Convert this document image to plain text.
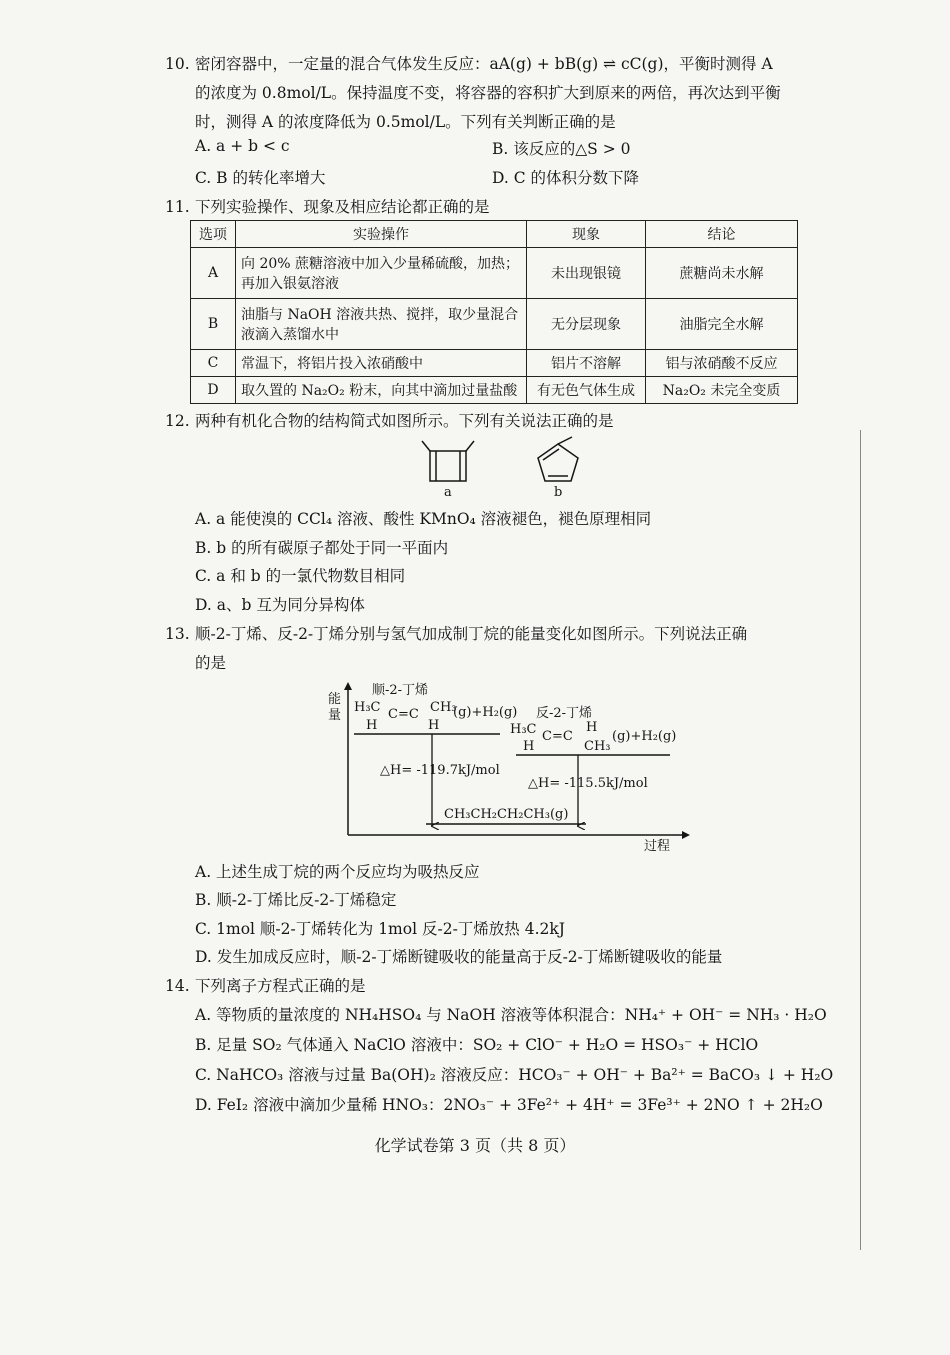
10. 密闭容器中，一定量的混合气体发生反应：aA(g) + bB(g) ⇌ cC(g)，平衡时测得 A
的浓度为 0.8mol/L。保持温度不变，将容器的容积扩大到原来的两倍，再次达到平衡
时，测得 A 的浓度降低为 0.5mol/L。下列有关判断正确的是
A. a + b < c	B. 该反应的△S > 0
C. B 的转化率增大	D. C 的体积分数下降
11. 下列实验操作、现象及相应结论都正确的是
选项	实验操作	现象	结论
A	向 20% 蔗糖溶液中加入少量稀硫酸，加热；再加入银氨溶液	未出现银镜	蔗糖尚未水解
B	油脂与 NaOH 溶液共热、搅拌，取少量混合液滴入蒸馏水中	无分层现象	油脂完全水解
C	常温下，将铝片投入浓硝酸中	铝片不溶解	铝与浓硝酸不反应
D	取久置的 Na₂O₂ 粉末，向其中滴加过量盐酸	有无色气体生成	Na₂O₂ 未完全变质
12. 两种有机化合物的结构简式如图所示。下列有关说法正确的是
a	b
A. a 能使溴的 CCl₄ 溶液、酸性 KMnO₄ 溶液褪色，褪色原理相同
B. b 的所有碳原子都处于同一平面内
C. a 和 b 的一氯代物数目相同
D. a、b 互为同分异构体
13. 顺-2-丁烯、反-2-丁烯分别与氢气加成制丁烷的能量变化如图所示。下列说法正确
的是
能
量
过程
顺-2-丁烯
H₃C
H
C=C CH₃
H
(g)+H₂(g)
△H= -119.7kJ/mol
反-2-丁烯
H₃C
H
C=C
H
CH₃
(g)+H₂(g)
△H= -115.5kJ/mol
CH₃CH₂CH₂CH₃(g)
A. 上述生成丁烷的两个反应均为吸热反应
B. 顺-2-丁烯比反-2-丁烯稳定
C. 1mol 顺-2-丁烯转化为 1mol 反-2-丁烯放热 4.2kJ
D. 发生加成反应时，顺-2-丁烯断键吸收的能量高于反-2-丁烯断键吸收的能量
14. 下列离子方程式正确的是
A. 等物质的量浓度的 NH₄HSO₄ 与 NaOH 溶液等体积混合：NH₄⁺ + OH⁻ = NH₃ · H₂O
B. 足量 SO₂ 气体通入 NaClO 溶液中：SO₂ + ClO⁻ + H₂O = HSO₃⁻ + HClO
C. NaHCO₃ 溶液与过量 Ba(OH)₂ 溶液反应：HCO₃⁻ + OH⁻ + Ba²⁺ = BaCO₃ ↓ + H₂O
D. FeI₂ 溶液中滴加少量稀 HNO₃：2NO₃⁻ + 3Fe²⁺ + 4H⁺ = 3Fe³⁺ + 2NO ↑ + 2H₂O
化学试卷第 3 页（共 8 页）
